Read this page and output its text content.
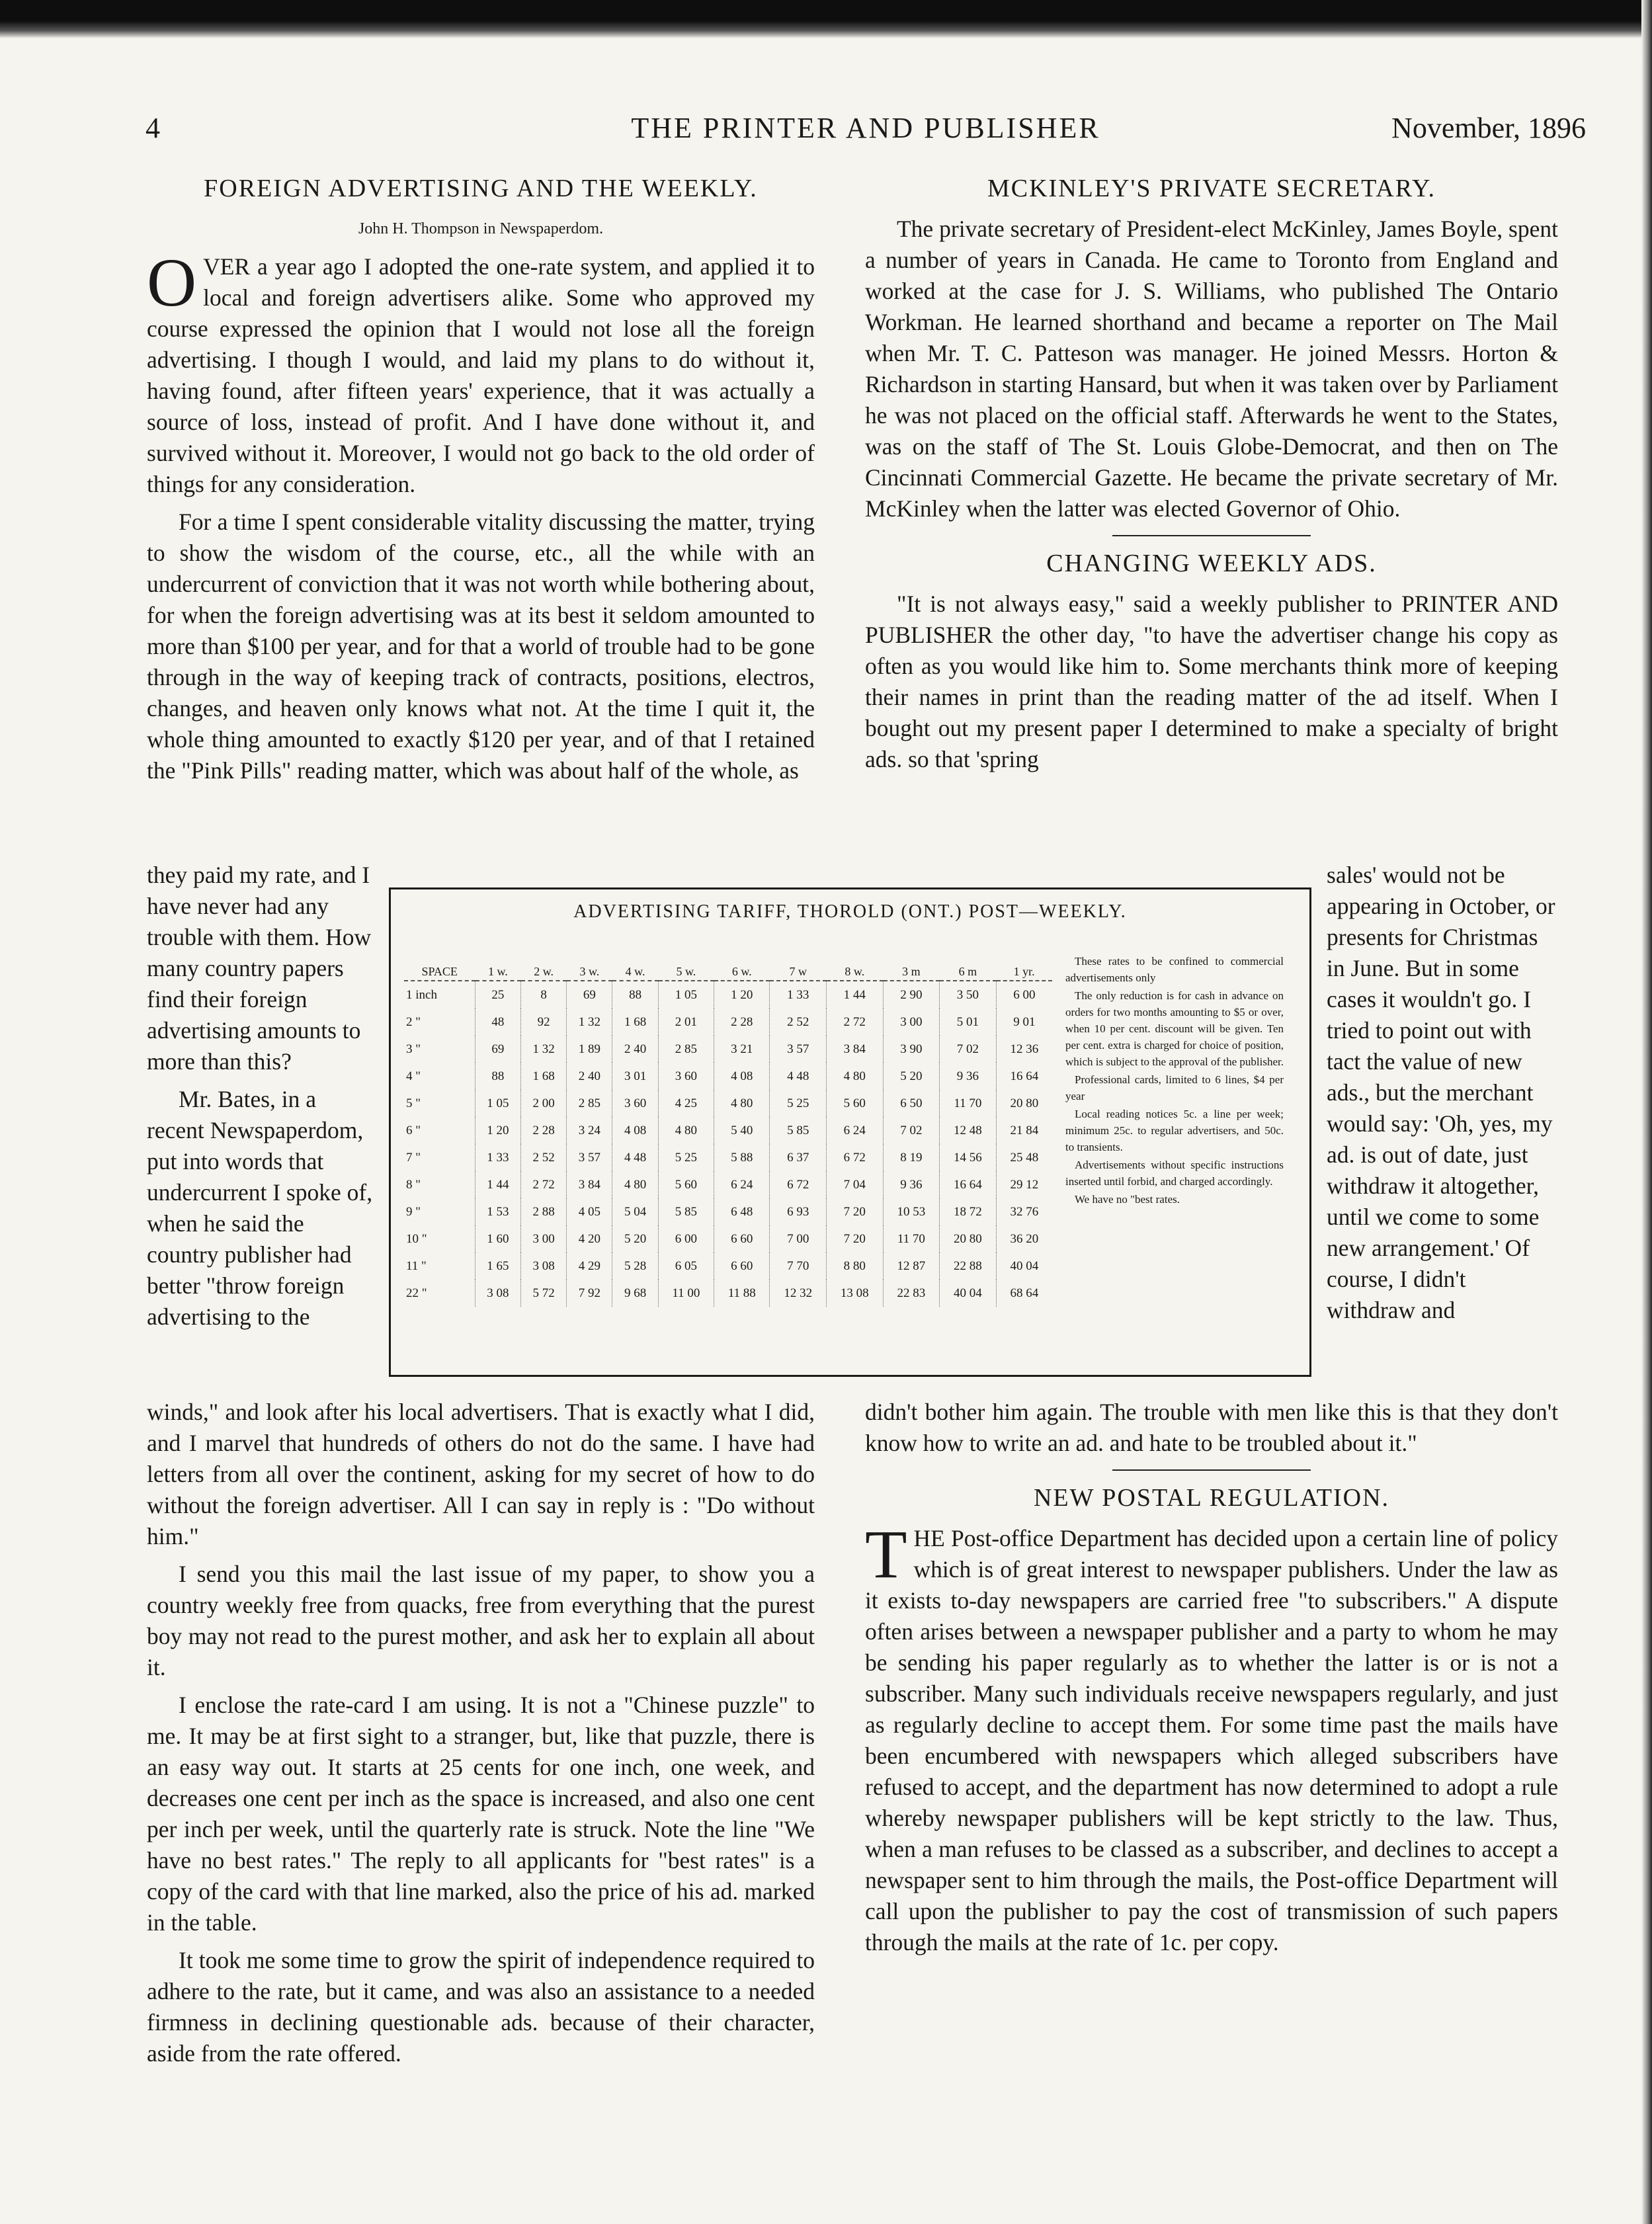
4	THE PRINTER AND PUBLISHER	November, 1896
FOREIGN ADVERTISING AND THE WEEKLY.
John H. Thompson in Newspaperdom.

OVER a year ago I adopted the one-rate system, and applied it to local and foreign advertisers alike. Some who approved my course expressed the opinion that I would not lose all the foreign advertising. I though I would, and laid my plans to do without it, having found, after fifteen years' experience, that it was actually a source of loss, instead of profit. And I have done without it, and survived without it. Moreover, I would not go back to the old order of things for any consideration.

For a time I spent considerable vitality discussing the matter, trying to show the wisdom of the course, etc., all the while with an undercurrent of conviction that it was not worth while bothering about, for when the foreign advertising was at its best it seldom amounted to more than $100 per year, and for that a world of trouble had to be gone through in the way of keeping track of contracts, positions, electros, changes, and heaven only knows what not. At the time I quit it, the whole thing amounted to exactly $120 per year, and of that I retained the "Pink Pills" reading matter, which was about half of the whole, as

they paid my rate, and I have never had any trouble with them. How many country papers find their foreign advertising amounts to more than this?

Mr. Bates, in a recent Newspaperdom, put into words that undercurrent I spoke of, when he said the country publisher had better "throw foreign advertising to the

MCKINLEY'S PRIVATE SECRETARY.

The private secretary of President-elect McKinley, James Boyle, spent a number of years in Canada. He came to Toronto from England and worked at the case for J. S. Williams, who published The Ontario Workman. He learned shorthand and became a reporter on The Mail when Mr. T. C. Patteson was manager. He joined Messrs. Horton & Richardson in starting Hansard, but when it was taken over by Parliament he was not placed on the official staff. Afterwards he went to the States, was on the staff of The St. Louis Globe-Democrat, and then on The Cincinnati Commercial Gazette. He became the private secretary of Mr. McKinley when the latter was elected Governor of Ohio.

CHANGING WEEKLY ADS.

"It is not always easy," said a weekly publisher to PRINTER AND PUBLISHER the other day, "to have the advertiser change his copy as often as you would like him to. Some merchants think more of keeping their names in print than the reading matter of the ad itself. When I bought out my present paper I determined to make a specialty of bright ads. so that 'spring

sales' would not be appearing in October, or presents for Christmas in June. But in some cases it wouldn't go. I tried to point out with tact the value of new ads., but the merchant would say: 'Oh, yes, my ad. is out of date, just withdraw it altogether, until we come to some new arrangement.' Of course, I didn't withdraw and

ADVERTISING TARIFF, THOROLD (ONT.) POST—WEEKLY.
SPACE	1 w.	2 w.	3 w.	4 w.	5 w.	6 w.	7 w	8 w.	3 m	6 m	1 yr.
1 inch	25	8	69	88	1 05	1 20	1 33	1 44	2 90	3 50	6 00
2 "	48	92	1 32	1 68	2 01	2 28	2 52	2 72	3 00	5 01	9 01
3 "	69	1 32	1 89	2 40	2 85	3 21	3 57	3 84	3 90	7 02	12 36
4 "	88	1 68	2 40	3 01	3 60	4 08	4 48	4 80	5 20	9 36	16 64
5 "	1 05	2 00	2 85	3 60	4 25	4 80	5 25	5 60	6 50	11 70	20 80
6 "	1 20	2 28	3 24	4 08	4 80	5 40	5 85	6 24	7 02	12 48	21 84
7 "	1 33	2 52	3 57	4 48	5 25	5 88	6 37	6 72	8 19	14 56	25 48
8 "	1 44	2 72	3 84	4 80	5 60	6 24	6 72	7 04	9 36	16 64	29 12
9 "	1 53	2 88	4 05	5 04	5 85	6 48	6 93	7 20	10 53	18 72	32 76
10 "	1 60	3 00	4 20	5 20	6 00	6 60	7 00	7 20	11 70	20 80	36 20
11 "	1 65	3 08	4 29	5 28	6 05	6 60	7 70	8 80	12 87	22 88	40 04
22 "	3 08	5 72	7 92	9 68	11 00	11 88	12 32	13 08	22 83	40 04	68 64

These rates to be confined to commercial advertisements only

The only reduction is for cash in advance on orders for two months amounting to $5 or over, when 10 per cent. discount will be given. Ten per cent. extra is charged for choice of position, which is subject to the approval of the publisher.

Professional cards, limited to 6 lines, $4 per year

Local reading notices 5c. a line per week; minimum 25c. to regular advertisers, and 50c. to transients.

Advertisements without specific instructions inserted until forbid, and charged accordingly.

We have no "best rates.

winds," and look after his local advertisers. That is exactly what I did, and I marvel that hundreds of others do not do the same. I have had letters from all over the continent, asking for my secret of how to do without the foreign advertiser. All I can say in reply is : "Do without him."

I send you this mail the last issue of my paper, to show you a country weekly free from quacks, free from everything that the purest boy may not read to the purest mother, and ask her to explain all about it.

I enclose the rate-card I am using. It is not a "Chinese puzzle" to me. It may be at first sight to a stranger, but, like that puzzle, there is an easy way out. It starts at 25 cents for one inch, one week, and decreases one cent per inch as the space is increased, and also one cent per inch per week, until the quarterly rate is struck. Note the line "We have no best rates." The reply to all applicants for "best rates" is a copy of the card with that line marked, also the price of his ad. marked in the table.

It took me some time to grow the spirit of independence required to adhere to the rate, but it came, and was also an assistance to a needed firmness in declining questionable ads. because of their character, aside from the rate offered.

didn't bother him again. The trouble with men like this is that they don't know how to write an ad. and hate to be troubled about it."

NEW POSTAL REGULATION.

THE Post-office Department has decided upon a certain line of policy which is of great interest to newspaper publishers. Under the law as it exists to-day newspapers are carried free "to subscribers." A dispute often arises between a newspaper publisher and a party to whom he may be sending his paper regularly as to whether the latter is or is not a subscriber. Many such individuals receive newspapers regularly, and just as regularly decline to accept them. For some time past the mails have been encumbered with newspapers which alleged subscribers have refused to accept, and the department has now determined to adopt a rule whereby newspaper publishers will be kept strictly to the law. Thus, when a man refuses to be classed as a subscriber, and declines to accept a newspaper sent to him through the mails, the Post-office Department will call upon the publisher to pay the cost of transmission of such papers through the mails at the rate of 1c. per copy.
